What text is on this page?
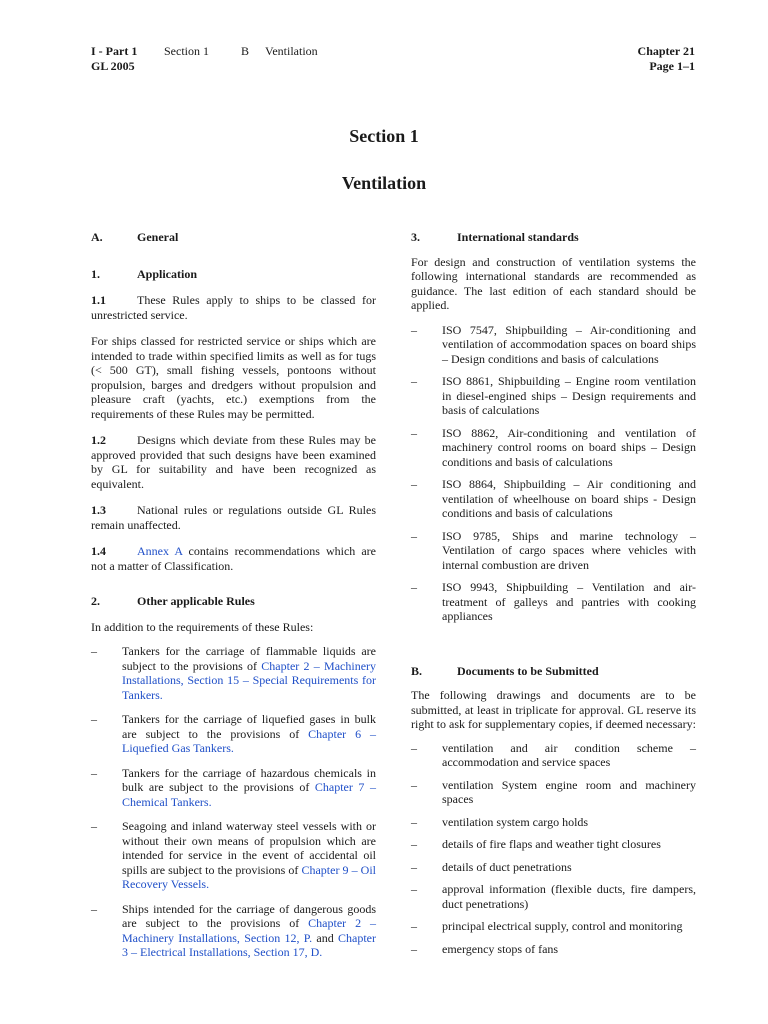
I - Part 1 Section 1	B Ventilation
GL 2005
Chapter 21
Page 1–1
Section 1
Ventilation
A.	General
1.	Application

1.1	These Rules apply to ships to be classed for unrestricted service.

For ships classed for restricted service or ships which are intended to trade within specified limits as well as for tugs (< 500 GT), small fishing vessels, pontoons without propulsion, barges and dredgers without propulsion and pleasure craft (yachts, etc.) exemptions from the requirements of these Rules may be permitted.

1.2	Designs which deviate from these Rules may be approved provided that such designs have been examined by GL for suitability and have been recognized as equivalent.

1.3	National rules or regulations outside GL Rules remain unaffected.

1.4	Annex A contains recommendations which are not a matter of Classification.

2.	Other applicable Rules

In addition to the requirements of these Rules:

– Tankers for the carriage of flammable liquids are subject to the provisions of Chapter 2 – Machinery Installations, Section 15 – Special Requirements for Tankers.
– Tankers for the carriage of liquefied gases in bulk are subject to the provisions of Chapter 6 – Liquefied Gas Tankers.
– Tankers for the carriage of hazardous chemicals in bulk are subject to the provisions of Chapter 7 – Chemical Tankers.
– Seagoing and inland waterway steel vessels with or without their own means of propulsion which are intended for service in the event of accidental oil spills are subject to the provisions of Chapter 9 – Oil Recovery Vessels.
– Ships intended for the carriage of dangerous goods are subject to the provisions of Chapter 2 – Machinery Installations, Section 12, P. and Chapter 3 – Electrical Installations, Section 17, D.
3.	International standards

For design and construction of ventilation systems the following international standards are recommended as guidance. The last edition of each standard should be applied.

– ISO 7547, Shipbuilding – Air-conditioning and ventilation of accommodation spaces on board ships – Design conditions and basis of calculations
– ISO 8861, Shipbuilding – Engine room ventilation in diesel-engined ships – Design requirements and basis of calculations
– ISO 8862, Air-conditioning and ventilation of machinery control rooms on board ships – Design conditions and basis of calculations
– ISO 8864, Shipbuilding – Air conditioning and ventilation of wheelhouse on board ships - Design conditions and basis of calculations
– ISO 9785, Ships and marine technology – Ventilation of cargo spaces where vehicles with internal combustion are driven
– ISO 9943, Shipbuilding – Ventilation and air-treatment of galleys and pantries with cooking appliances
B.	Documents to be Submitted

The following drawings and documents are to be submitted, at least in triplicate for approval. GL reserve its right to ask for supplementary copies, if deemed necessary:

– ventilation and air condition scheme – accommodation and service spaces
– ventilation System engine room and machinery spaces
– ventilation system cargo holds
– details of fire flaps and weather tight closures
– details of duct penetrations
– approval information (flexible ducts, fire dampers, duct penetrations)
– principal electrical supply, control and monitoring
– emergency stops of fans
